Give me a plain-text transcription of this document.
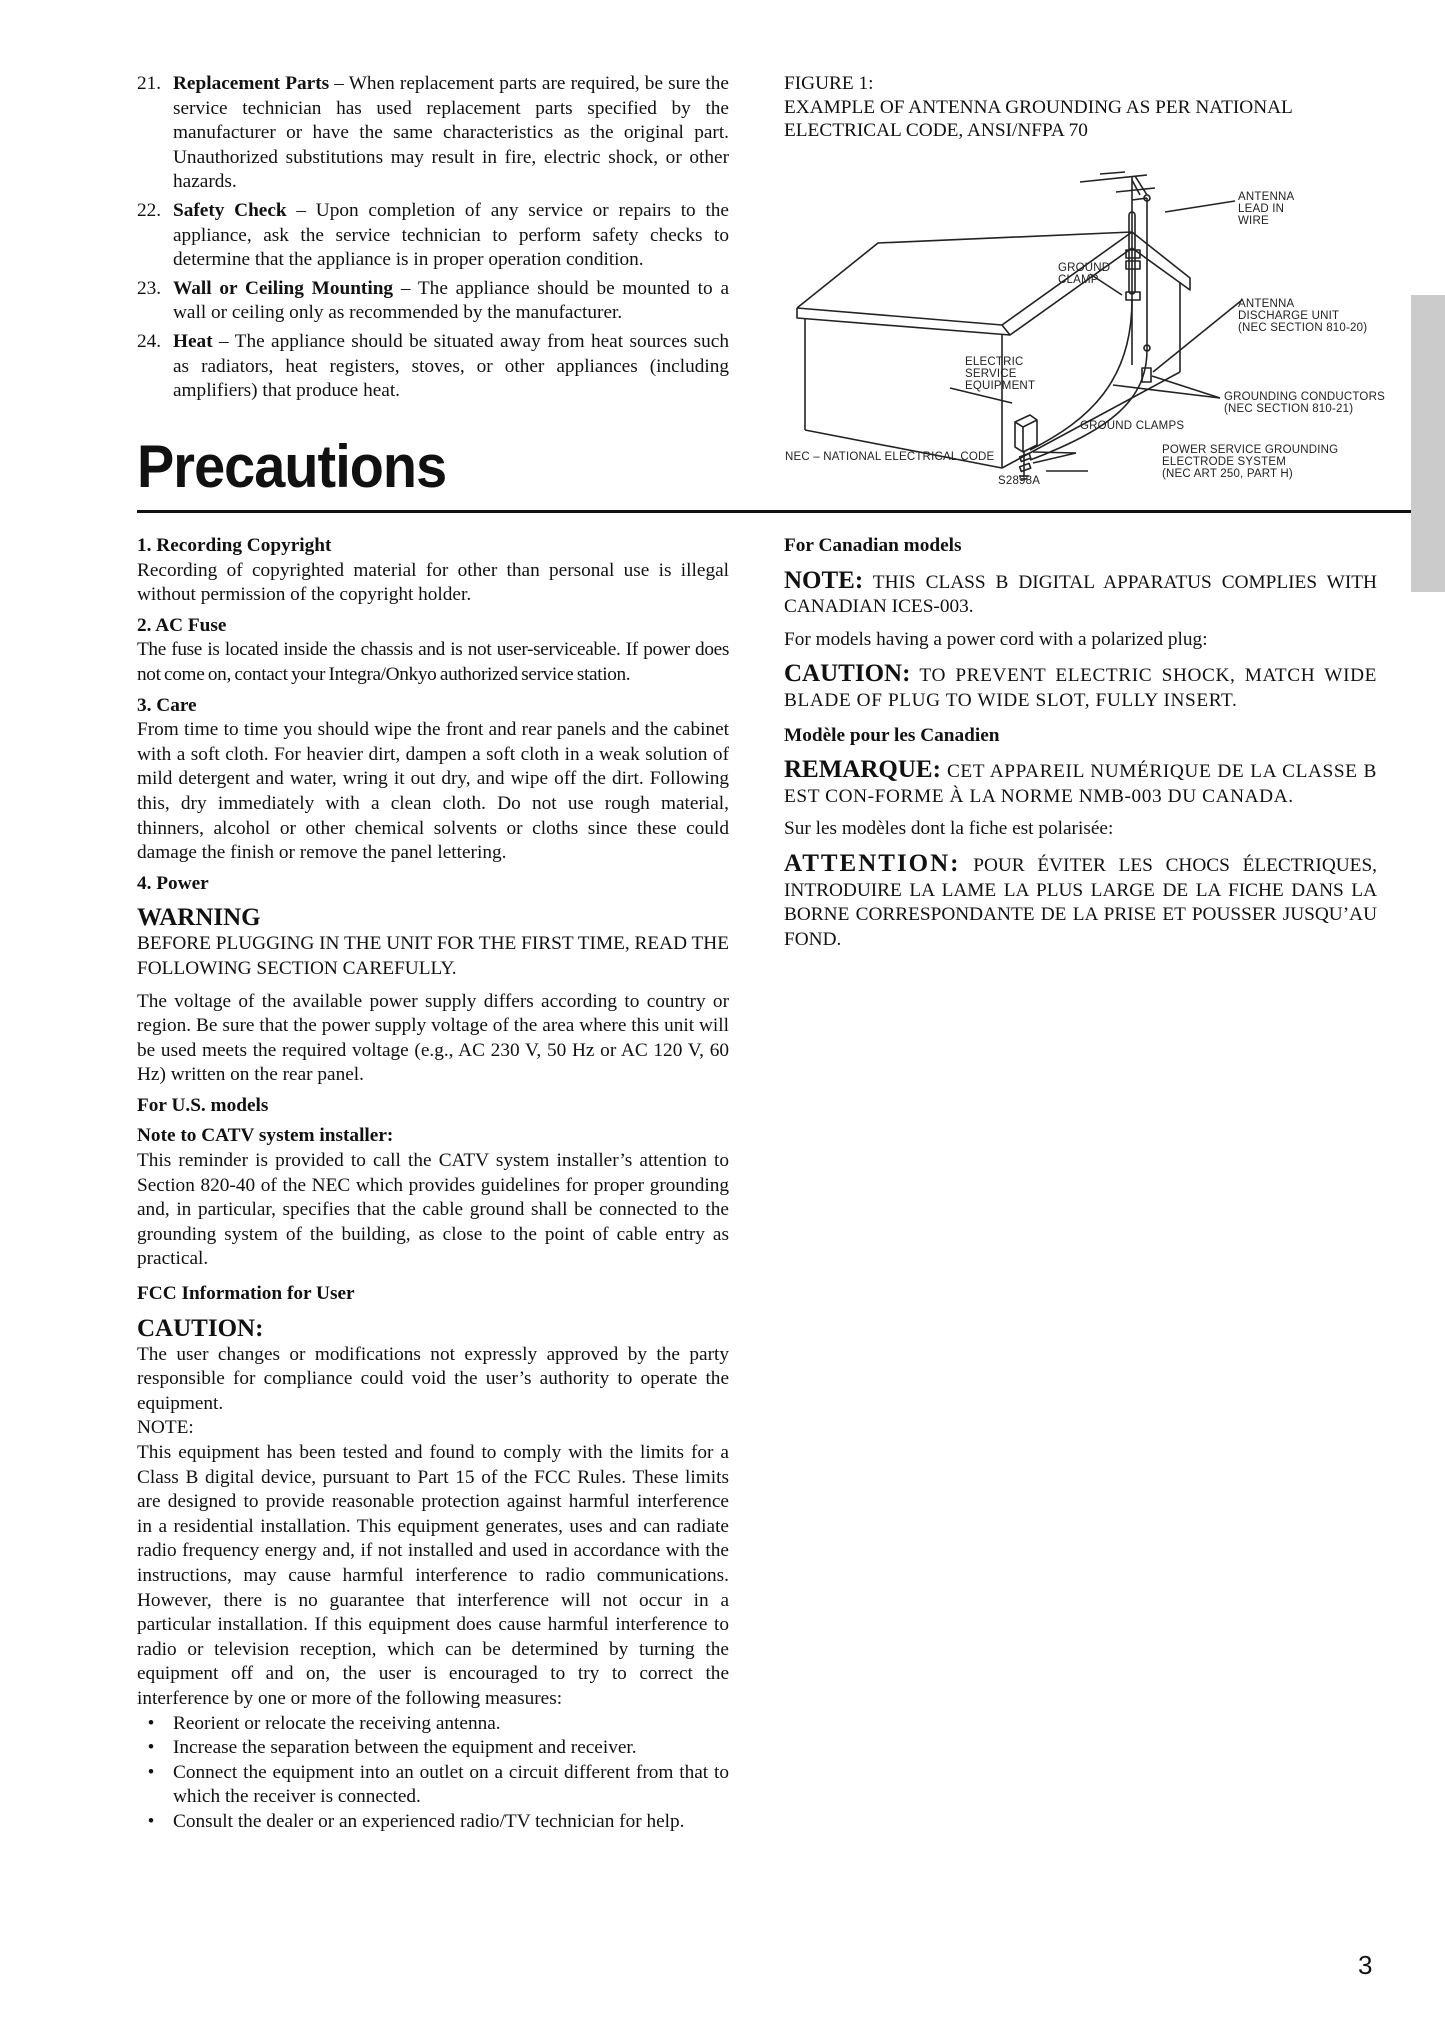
21. Replacement Parts – When replacement parts are required, be sure the service technician has used replacement parts specified by the manufacturer or have the same characteristics as the original part. Unauthorized substitutions may result in fire, electric shock, or other hazards.
22. Safety Check – Upon completion of any service or repairs to the appliance, ask the service technician to perform safety checks to determine that the appliance is in proper operation condition.
23. Wall or Ceiling Mounting – The appliance should be mounted to a wall or ceiling only as recommended by the manufacturer.
24. Heat – The appliance should be situated away from heat sources such as radiators, heat registers, stoves, or other appliances (including amplifiers) that produce heat.
FIGURE 1:
EXAMPLE OF ANTENNA GROUNDING AS PER NATIONAL ELECTRICAL CODE, ANSI/NFPA 70
ANTENNA LEAD IN WIRE
GROUND CLAMP
ANTENNA DISCHARGE UNIT (NEC SECTION 810-20)
ELECTRIC SERVICE EQUIPMENT
GROUNDING CONDUCTORS (NEC SECTION 810-21)
GROUND CLAMPS
POWER SERVICE GROUNDING ELECTRODE SYSTEM (NEC ART 250, PART H)
NEC – NATIONAL ELECTRICAL CODE
S2898A
Precautions
1. Recording Copyright

Recording of copyrighted material for other than personal use is illegal without permission of the copyright holder.

2. AC Fuse

The fuse is located inside the chassis and is not user-serviceable. If power does not come on, contact your Integra/Onkyo authorized service station.

3. Care

From time to time you should wipe the front and rear panels and the cabinet with a soft cloth. For heavier dirt, dampen a soft cloth in a weak solution of mild detergent and water, wring it out dry, and wipe off the dirt. Following this, dry immediately with a clean cloth. Do not use rough material, thinners, alcohol or other chemical solvents or cloths since these could damage the finish or remove the panel lettering.

4. Power
WARNING

BEFORE PLUGGING IN THE UNIT FOR THE FIRST TIME, READ THE FOLLOWING SECTION CAREFULLY.

The voltage of the available power supply differs according to country or region. Be sure that the power supply voltage of the area where this unit will be used meets the required voltage (e.g., AC 230 V, 50 Hz or AC 120 V, 60 Hz) written on the rear panel.

For U.S. models
Note to CATV system installer:

This reminder is provided to call the CATV system installer’s attention to Section 820-40 of the NEC which provides guidelines for proper grounding and, in particular, specifies that the cable ground shall be connected to the grounding system of the building, as close to the point of cable entry as practical.

FCC Information for User
CAUTION:

The user changes or modifications not expressly approved by the party responsible for compliance could void the user’s authority to operate the equipment.

NOTE:

This equipment has been tested and found to comply with the limits for a Class B digital device, pursuant to Part 15 of the FCC Rules. These limits are designed to provide reasonable protection against harmful interference in a residential installation. This equipment generates, uses and can radiate radio frequency energy and, if not installed and used in accordance with the instructions, may cause harmful interference to radio communications. However, there is no guarantee that interference will not occur in a particular installation. If this equipment does cause harmful interference to radio or television reception, which can be determined by turning the equipment off and on, the user is encouraged to try to correct the interference by one or more of the following measures:

• Reorient or relocate the receiving antenna.
• Increase the separation between the equipment and receiver.
• Connect the equipment into an outlet on a circuit different from that to which the receiver is connected.
• Consult the dealer or an experienced radio/TV technician for help.
For Canadian models

NOTE: THIS CLASS B DIGITAL APPARATUS COMPLIES WITH CANADIAN ICES-003.

For models having a power cord with a polarized plug:

CAUTION: TO PREVENT ELECTRIC SHOCK, MATCH WIDE BLADE OF PLUG TO WIDE SLOT, FULLY INSERT.

Modèle pour les Canadien

REMARQUE: CET APPAREIL NUMÉRIQUE DE LA CLASSE B EST CON-FORME À LA NORME NMB-003 DU CANADA.

Sur les modèles dont la fiche est polarisée:

ATTENTION: POUR ÉVITER LES CHOCS ÉLECTRIQUES, INTRODUIRE LA LAME LA PLUS LARGE DE LA FICHE DANS LA BORNE CORRESPONDANTE DE LA PRISE ET POUSSER JUSQU’AU FOND.

3
